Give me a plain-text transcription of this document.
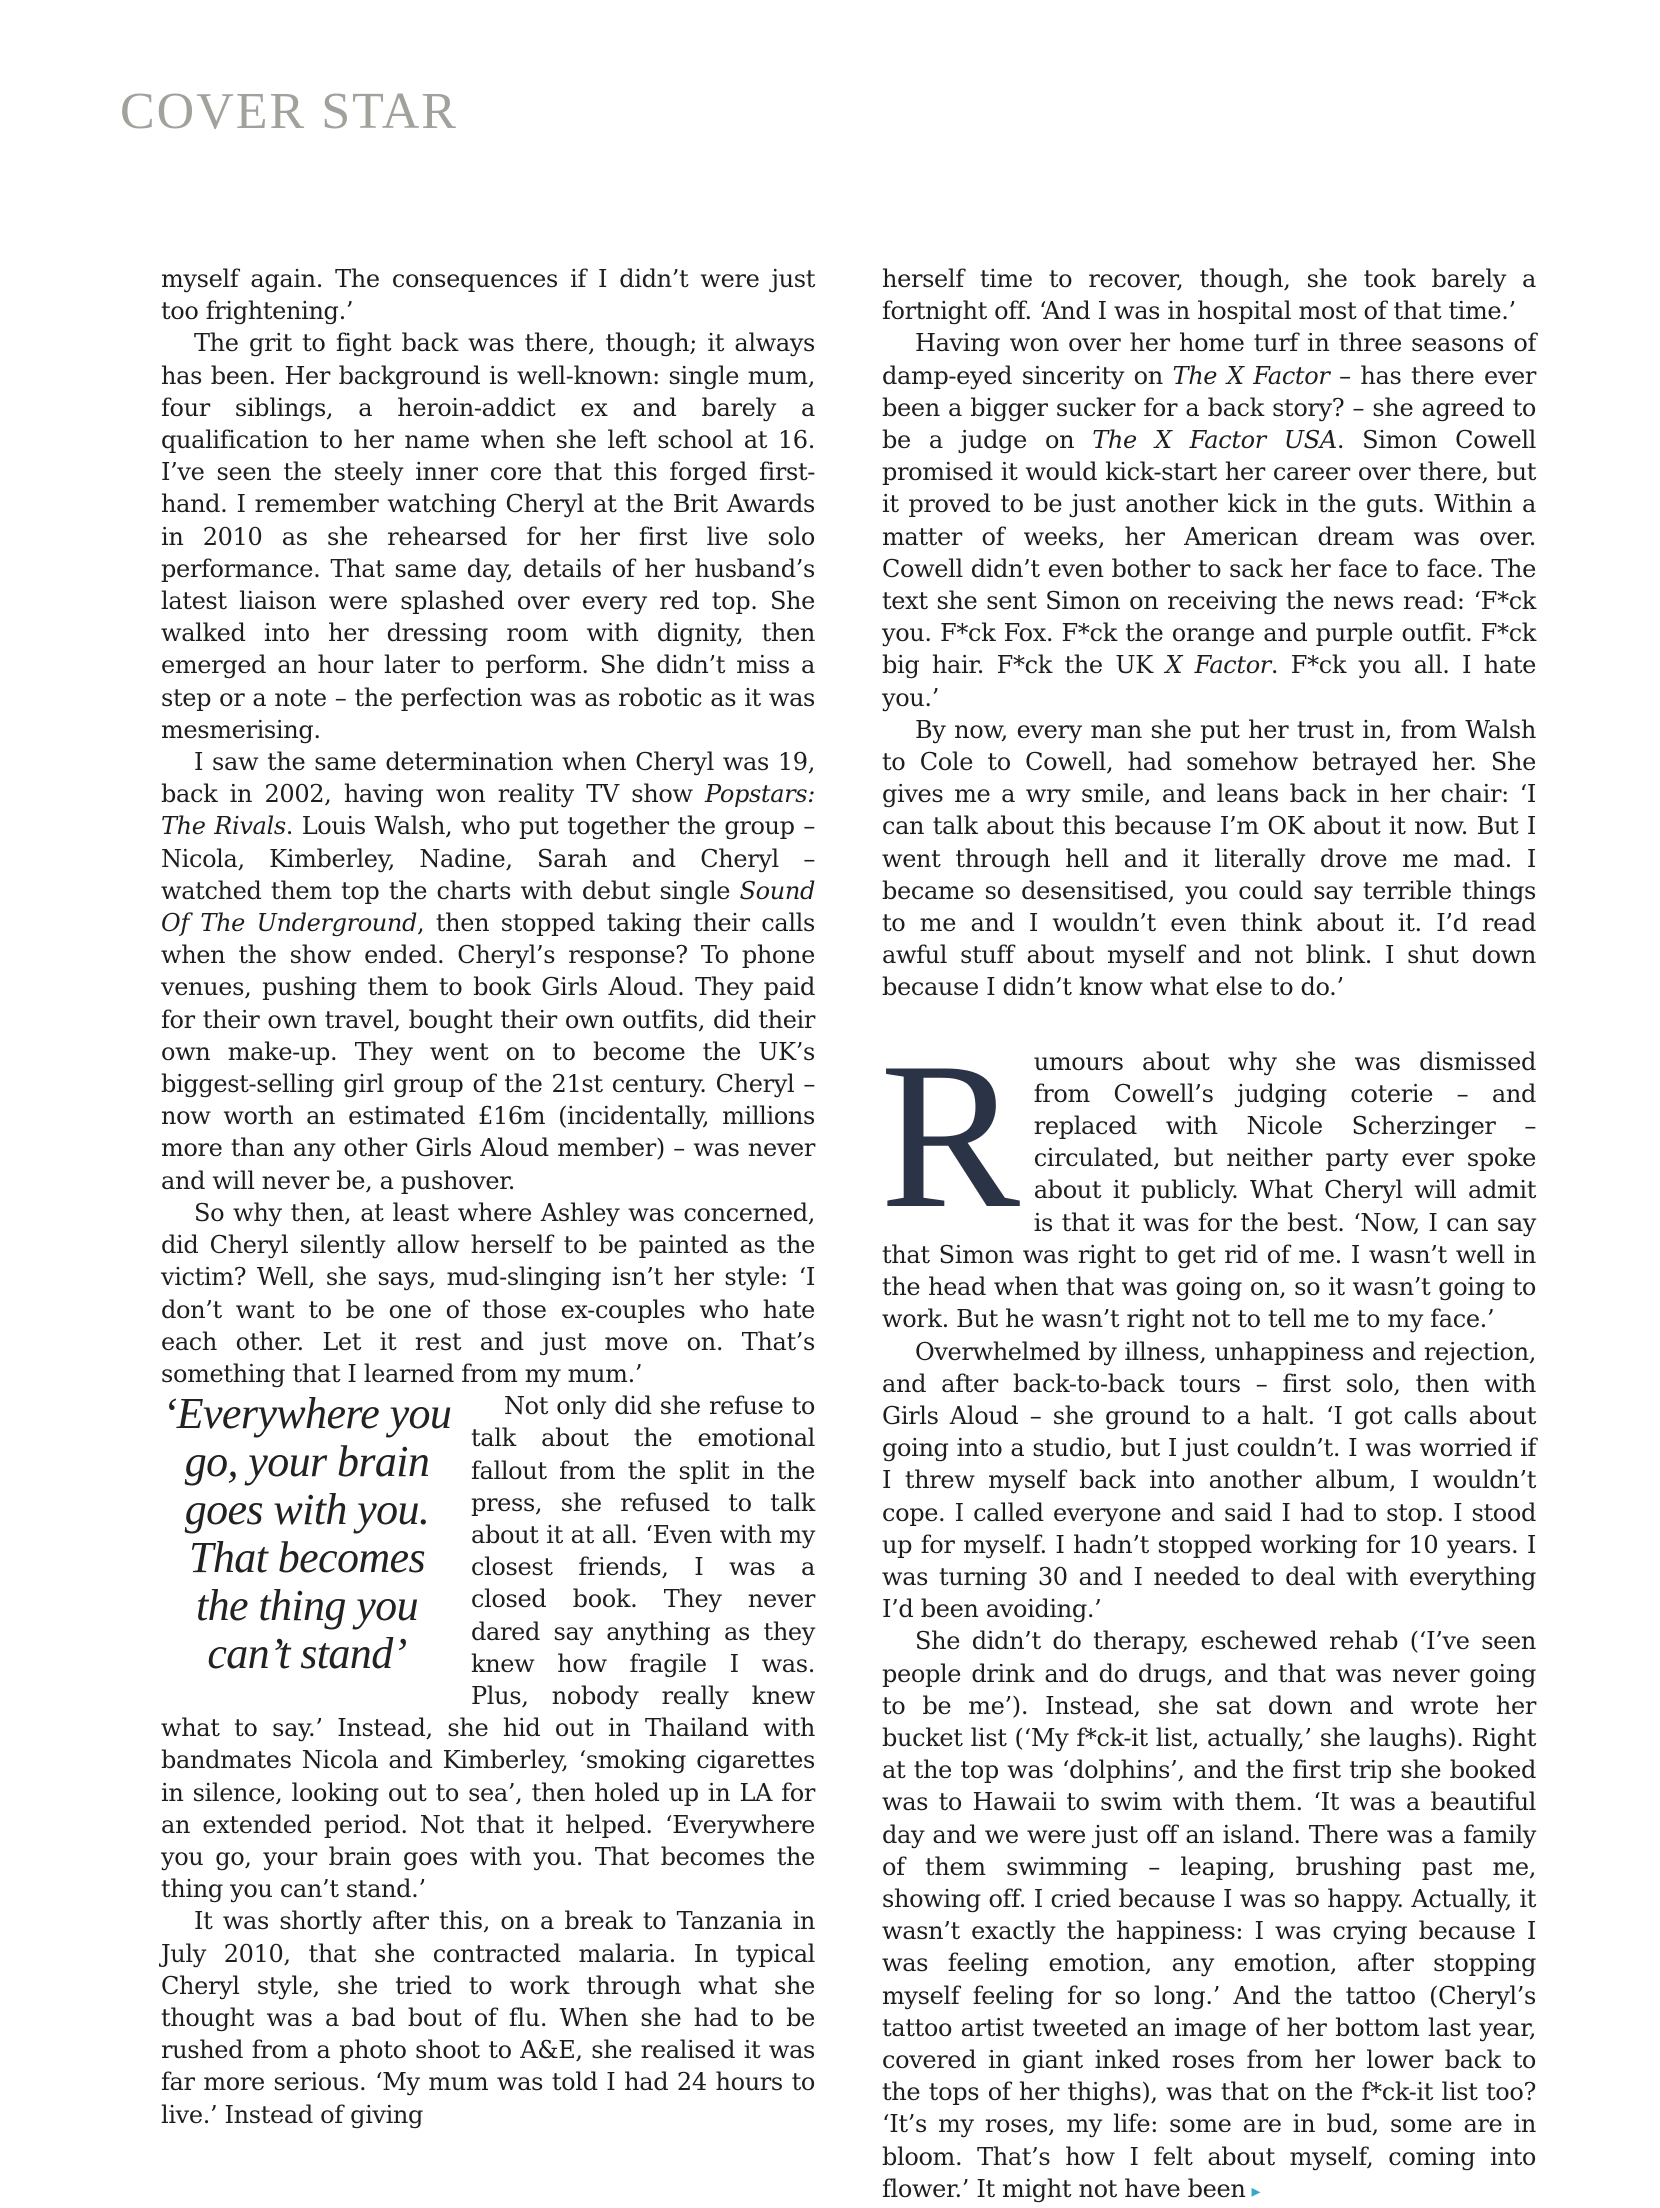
COVER STAR

myself again. The consequences if I didn’t were just too frightening.’

The grit to fight back was there, though; it always has been. Her background is well-known: single mum, four siblings, a heroin-addict ex and barely a qualification to her name when she left school at 16. I’ve seen the steely inner core that this forged first-hand. I remember watching Cheryl at the Brit Awards in 2010 as she rehearsed for her first live solo performance. That same day, details of her husband’s latest liaison were splashed over every red top. She walked into her dressing room with dignity, then emerged an hour later to perform. She didn’t miss a step or a note – the perfection was as robotic as it was mesmerising.

I saw the same determination when Cheryl was 19, back in 2002, having won reality TV show Popstars: The Rivals. Louis Walsh, who put together the group – Nicola, Kimberley, Nadine, Sarah and Cheryl – watched them top the charts with debut single Sound Of The Underground, then stopped taking their calls when the show ended. Cheryl’s response? To phone venues, pushing them to book Girls Aloud. They paid for their own travel, bought their own outfits, did their own make-up. They went on to become the UK’s biggest-selling girl group of the 21st century. Cheryl – now worth an estimated £16m (incidentally, millions more than any other Girls Aloud member) – was never and will never be, a pushover.

So why then, at least where Ashley was concerned, did Cheryl silently allow herself to be painted as the victim? Well, she says, mud-slinging isn’t her style: ‘I don’t want to be one of those ex-couples who hate each other. Let it rest and just move on. That’s something that I learned from my mum.’

‘Everywhere you go, your brain goes with you. That becomes the thing you can’t stand’

Not only did she refuse to talk about the emotional fallout from the split in the press, she refused to talk about it at all. ‘Even with my closest friends, I was a closed book. They never dared say anything as they knew how fragile I was. Plus, nobody really knew what to say.’ Instead, she hid out in Thailand with bandmates Nicola and Kimberley, ‘smoking cigarettes in silence, looking out to sea’, then holed up in LA for an extended period. Not that it helped. ‘Everywhere you go, your brain goes with you. That becomes the thing you can’t stand.’

It was shortly after this, on a break to Tanzania in July 2010, that she contracted malaria. In typical Cheryl style, she tried to work through what she thought was a bad bout of flu. When she had to be rushed from a photo shoot to A&E, she realised it was far more serious. ‘My mum was told I had 24 hours to live.’ Instead of giving

herself time to recover, though, she took barely a fortnight off. ‘And I was in hospital most of that time.’

Having won over her home turf in three seasons of damp-eyed sincerity on The X Factor – has there ever been a bigger sucker for a back story? – she agreed to be a judge on The X Factor USA. Simon Cowell promised it would kick-start her career over there, but it proved to be just another kick in the guts. Within a matter of weeks, her American dream was over. Cowell didn’t even bother to sack her face to face. The text she sent Simon on receiving the news read: ‘F*ck you. F*ck Fox. F*ck the orange and purple outfit. F*ck big hair. F*ck the UK X Factor. F*ck you all. I hate you.’

By now, every man she put her trust in, from Walsh to Cole to Cowell, had somehow betrayed her. She gives me a wry smile, and leans back in her chair: ‘I can talk about this because I’m OK about it now. But I went through hell and it literally drove me mad. I became so desensitised, you could say terrible things to me and I wouldn’t even think about it. I’d read awful stuff about myself and not blink. I shut down because I didn’t know what else to do.’

Rumours about why she was dismissed from Cowell’s judging coterie – and replaced with Nicole Scherzinger – circulated, but neither party ever spoke about it publicly. What Cheryl will admit is that it was for the best. ‘Now, I can say that Simon was right to get rid of me. I wasn’t well in the head when that was going on, so it wasn’t going to work. But he wasn’t right not to tell me to my face.’

Overwhelmed by illness, unhappiness and rejection, and after back-to-back tours – first solo, then with Girls Aloud – she ground to a halt. ‘I got calls about going into a studio, but I just couldn’t. I was worried if I threw myself back into another album, I wouldn’t cope. I called everyone and said I had to stop. I stood up for myself. I hadn’t stopped working for 10 years. I was turning 30 and I needed to deal with everything I’d been avoiding.’

She didn’t do therapy, eschewed rehab (‘I’ve seen people drink and do drugs, and that was never going to be me’). Instead, she sat down and wrote her bucket list (‘My f*ck-it list, actually,’ she laughs). Right at the top was ‘dolphins’, and the first trip she booked was to Hawaii to swim with them. ‘It was a beautiful day and we were just off an island. There was a family of them swimming – leaping, brushing past me, showing off. I cried because I was so happy. Actually, it wasn’t exactly the happiness: I was crying because I was feeling emotion, any emotion, after stopping myself feeling for so long.’ And the tattoo (Cheryl’s tattoo artist tweeted an image of her bottom last year, covered in giant inked roses from her lower back to the tops of her thighs), was that on the f*ck-it list too? ‘It’s my roses, my life: some are in bud, some are in bloom. That’s how I felt about myself, coming into flower.’ It might not have been ▸
